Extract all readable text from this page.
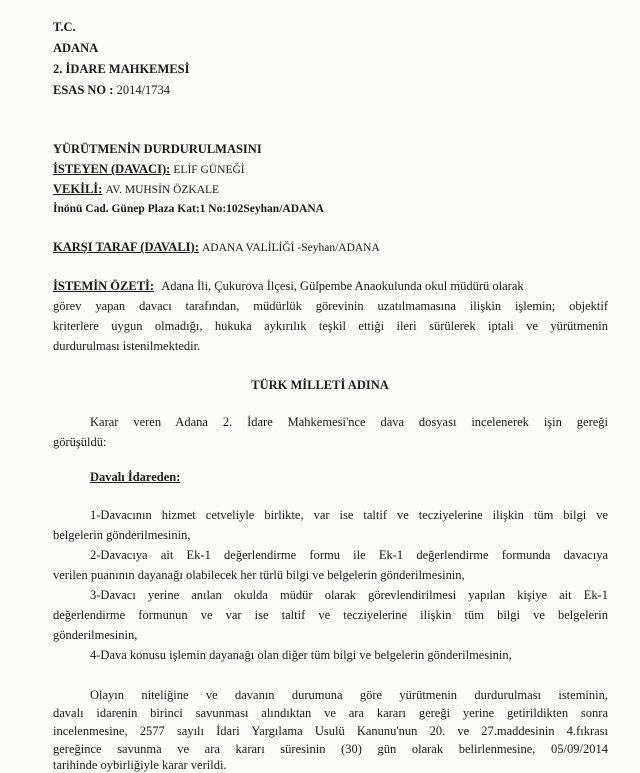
T.C.
ADANA
2. İDARE MAHKEMESİ
ESAS NO : 2014/1734
YÜRÜTMENİN DURDURULMASINI
İSTEYEN (DAVACI): ELİF GÜNEĞİ
VEKİLİ: AV. MUHSİN ÖZKALE
İnönü Cad. Günep Plaza Kat:1 No:102Seyhan/ADANA
KARŞI TARAF (DAVALI): ADANA VALİLİĞİ -Seyhan/ADANA
İSTEMİN ÖZETİ: Adana İli, Çukurova İlçesi, Gülpembe Anaokulunda okul müdürü olarak
görev yapan davacı tarafından, müdürlük görevinin uzatılmamasına ilişkin işlemin; objektif
kriterlere uygun olmadığı, hukuka aykırılık teşkil ettiği ileri sürülerek iptali ve yürütmenin
durdurulması istenilmektedir.
TÜRK MİLLETİ ADINA
Karar veren Adana 2. İdare Mahkemesi'nce dava dosyası incelenerek işin gereği
görüşüldü:
Davalı İdareden:
1-Davacının hizmet cetveliyle birlikte, var ise taltif ve tecziyelerine ilişkin tüm bilgi ve
belgelerin gönderilmesinin,
2-Davacıya ait Ek-1 değerlendirme formu ile Ek-1 değerlendirme formunda davacıya
verilen puanının dayanağı olabilecek her türlü bilgi ve belgelerin gönderilmesinin,
3-Davacı yerine anılan okulda müdür olarak görevlendirilmesi yapılan kişiye ait Ek-1
değerlendirme formunun ve var ise taltif ve tecziyelerine ilişkin tüm bilgi ve belgelerin
gönderilmesinin,
4-Dava konusu işlemin dayanağı olan diğer tüm bilgi ve belgelerin gönderilmesinin,
Olayın niteliğine ve davanın durumuna göre yürütmenin durdurulması isteminin,
davalı idarenin birinci savunması alındıktan ve ara kararı gereği yerine getirildikten sonra
incelenmesine, 2577 sayılı İdari Yargılama Usulü Kanunu'nun 20. ve 27.maddesinin 4.fıkrası
gereğince savunma ve ara kararı süresinin (30) gün olarak belirlenmesine, 05/09/2014
tarihinde oybirliğiyle karar verildi.
